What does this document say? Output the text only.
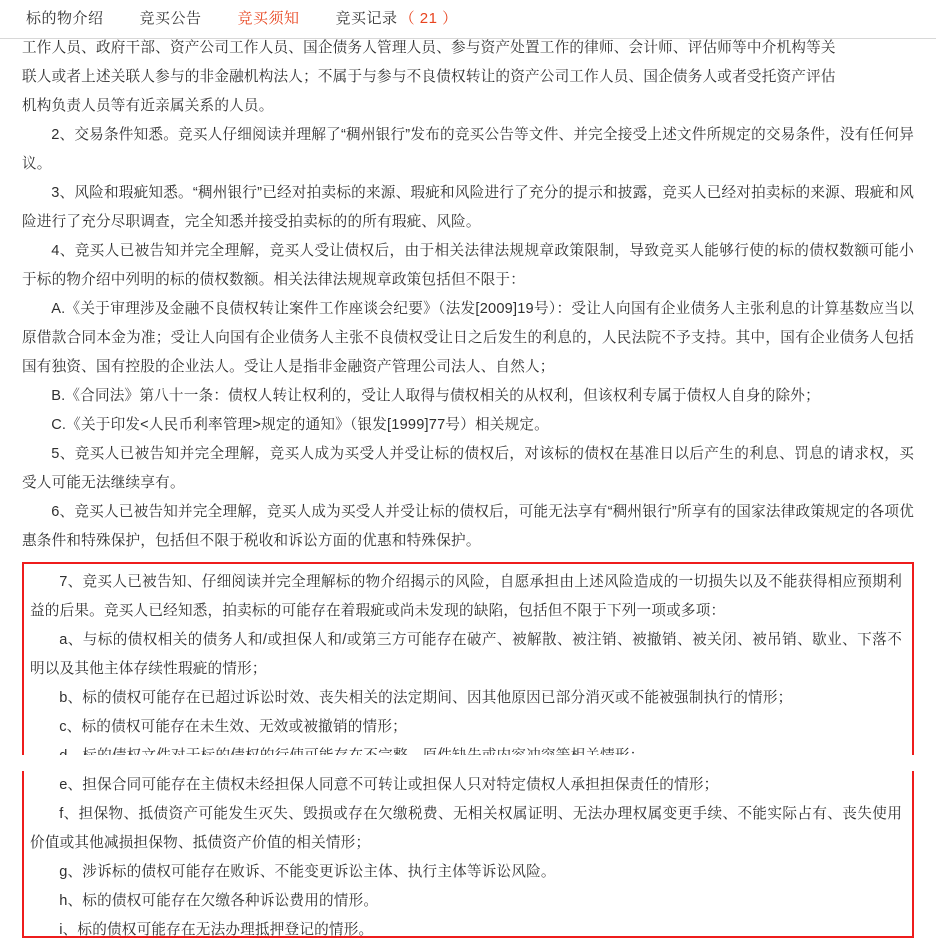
标的物介绍	竞买公告	竞买须知	竞买记录 （ 21 ）

工作人员、政府干部、资产公司工作人员、国企债务人管理人员、参与资产处置工作的律师、会计师、评估师等中介机构等关

联人或者上述关联人参与的非金融机构法人；不属于与参与不良债权转让的资产公司工作人员、国企债务人或者受托资产评估

机构负责人员等有近亲属关系的人员。

2、交易条件知悉。竞买人仔细阅读并理解了“稠州银行”发布的竞买公告等文件、并完全接受上述文件所规定的交易条件，没有任何异议。

3、风险和瑕疵知悉。“稠州银行”已经对拍卖标的来源、瑕疵和风险进行了充分的提示和披露，竞买人已经对拍卖标的来源、瑕疵和风险进行了充分尽职调查，完全知悉并接受拍卖标的的所有瑕疵、风险。

4、竞买人已被告知并完全理解，竞买人受让债权后，由于相关法律法规规章政策限制，导致竞买人能够行使的标的债权数额可能小于标的物介绍中列明的标的债权数额。相关法律法规规章政策包括但不限于：

A.《关于审理涉及金融不良债权转让案件工作座谈会纪要》（法发[2009]19号）：受让人向国有企业债务人主张利息的计算基数应当以原借款合同本金为准；受让人向国有企业债务人主张不良债权受让日之后发生的利息的，人民法院不予支持。其中，国有企业债务人包括国有独资、国有控股的企业法人。受让人是指非金融资产管理公司法人、自然人；

B.《合同法》第八十一条：债权人转让权利的，受让人取得与债权相关的从权利，但该权利专属于债权人自身的除外；

C.《关于印发<人民币利率管理>规定的通知》（银发[1999]77号）相关规定。

5、竞买人已被告知并完全理解，竞买人成为买受人并受让标的债权后，对该标的债权在基准日以后产生的利息、罚息的请求权，买受人可能无法继续享有。

6、竞买人已被告知并完全理解，竞买人成为买受人并受让标的债权后，可能无法享有“稠州银行”所享有的国家法律政策规定的各项优惠条件和特殊保护，包括但不限于税收和诉讼方面的优惠和特殊保护。

7、竞买人已被告知、仔细阅读并完全理解标的物介绍揭示的风险，自愿承担由上述风险造成的一切损失以及不能获得相应预期利益的后果。竞买人已经知悉，拍卖标的可能存在着瑕疵或尚未发现的缺陷，包括但不限于下列一项或多项：

a、与标的债权相关的债务人和/或担保人和/或第三方可能存在破产、被解散、被注销、被撤销、被关闭、被吊销、歇业、下落不明以及其他主体存续性瑕疵的情形；

b、标的债权可能存在已超过诉讼时效、丧失相关的法定期间、因其他原因已部分消灭或不能被强制执行的情形；

c、标的债权可能存在未生效、无效或被撤销的情形；

e、担保合同可能存在主债权未经担保人同意不可转让或担保人只对特定债权人承担担保责任的情形；

f、担保物、抵债资产可能发生灭失、毁损或存在欠缴税费、无相关权属证明、无法办理权属变更手续、不能实际占有、丧失使用价值或其他减损担保物、抵债资产价值的相关情形；

g、涉诉标的债权可能存在败诉、不能变更诉讼主体、执行主体等诉讼风险。

h、标的债权可能存在欠缴各种诉讼费用的情形。

i、标的债权可能存在无法办理抵押登记的情形。
